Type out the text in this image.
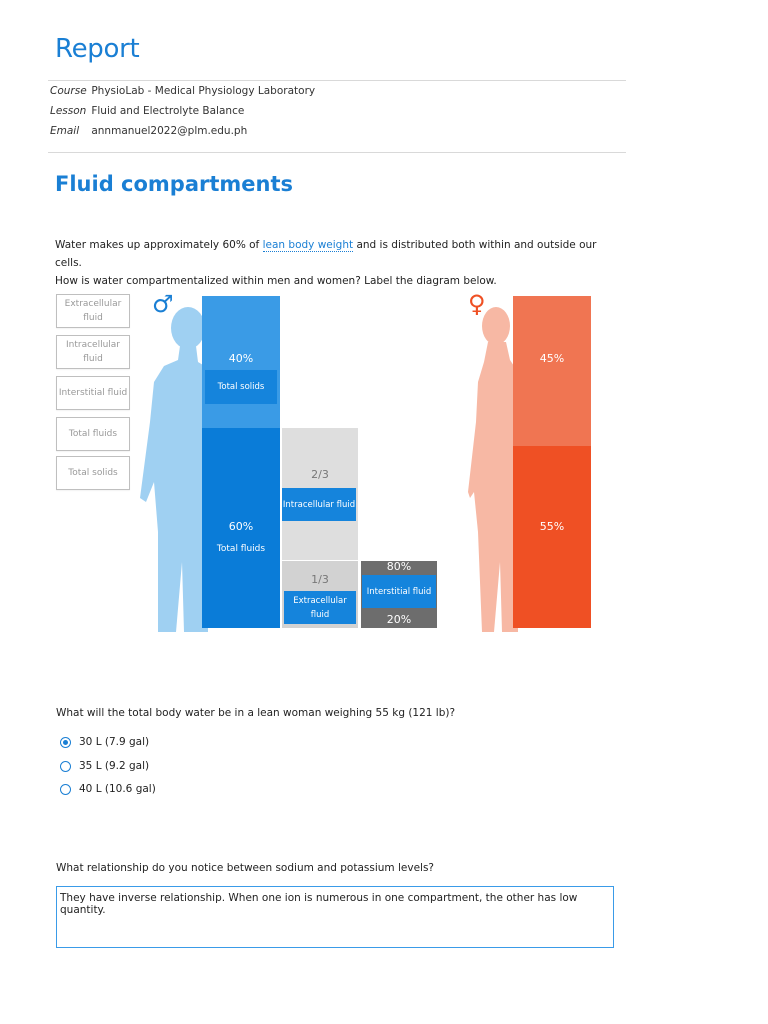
Report
Course PhysioLab - Medical Physiology Laboratory
Lesson Fluid and Electrolyte Balance
Email annmanuel2022@plm.edu.ph
Fluid compartments
Water makes up approximately 60% of lean body weight and is distributed both within and outside our cells.
How is water compartmentalized within men and women? Label the diagram below.
Extracellular fluid
Intracellular fluid
Interstitial fluid
Total fluids
Total solids
♂
40%
Total solids
60%
Total fluids
2/3
Intracellular fluid
1/3
Extracellular fluid
80%
Interstitial fluid
20%
♀
45%
55%
What will the total body water be in a lean woman weighing 55 kg (121 lb)?
30 L (7.9 gal)
35 L (9.2 gal)
40 L (10.6 gal)
What relationship do you notice between sodium and potassium levels?
They have inverse relationship. When one ion is numerous in one compartment, the other has low quantity.
